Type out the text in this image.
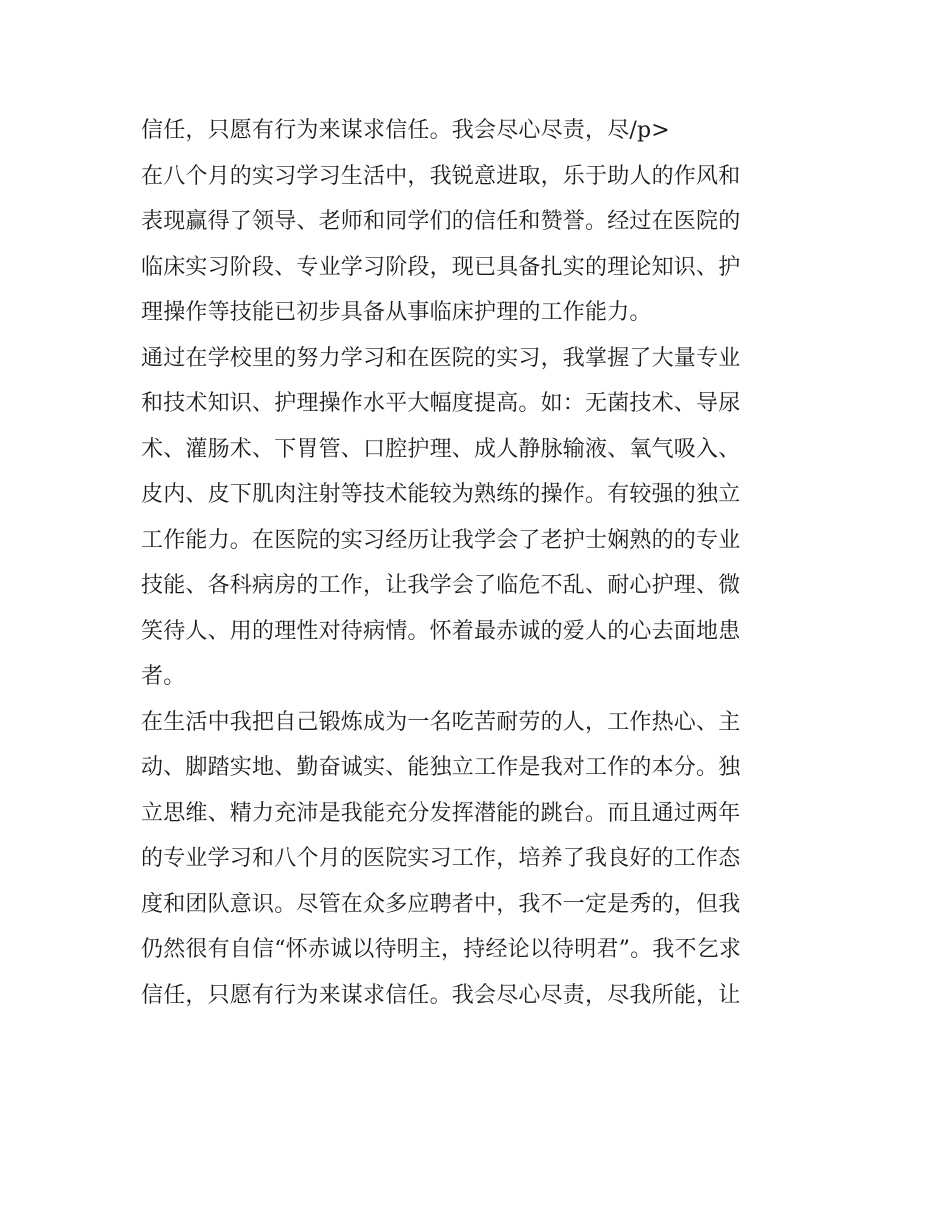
信任，只愿有行为来谋求信任。我会尽心尽责，尽/p>
在八个月的实习学习生活中，我锐意进取，乐于助人的作风和
表现赢得了领导、老师和同学们的信任和赞誉。经过在医院的
临床实习阶段、专业学习阶段，现已具备扎实的理论知识、护
理操作等技能已初步具备从事临床护理的工作能力。
通过在学校里的努力学习和在医院的实习，我掌握了大量专业
和技术知识、护理操作水平大幅度提高。如：无菌技术、导尿
术、灌肠术、下胃管、口腔护理、成人静脉输液、氧气吸入、
皮内、皮下肌肉注射等技术能较为熟练的操作。有较强的独立
工作能力。在医院的实习经历让我学会了老护士娴熟的的专业
技能、各科病房的工作，让我学会了临危不乱、耐心护理、微
笑待人、用的理性对待病情。怀着最赤诚的爱人的心去面地患
者。
在生活中我把自己锻炼成为一名吃苦耐劳的人，工作热心、主
动、脚踏实地、勤奋诚实、能独立工作是我对工作的本分。独
立思维、精力充沛是我能充分发挥潜能的跳台。而且通过两年
的专业学习和八个月的医院实习工作，培养了我良好的工作态
度和团队意识。尽管在众多应聘者中，我不一定是秀的，但我
仍然很有自信“怀赤诚以待明主，持经论以待明君”。我不乞求
信任，只愿有行为来谋求信任。我会尽心尽责，尽我所能，让
